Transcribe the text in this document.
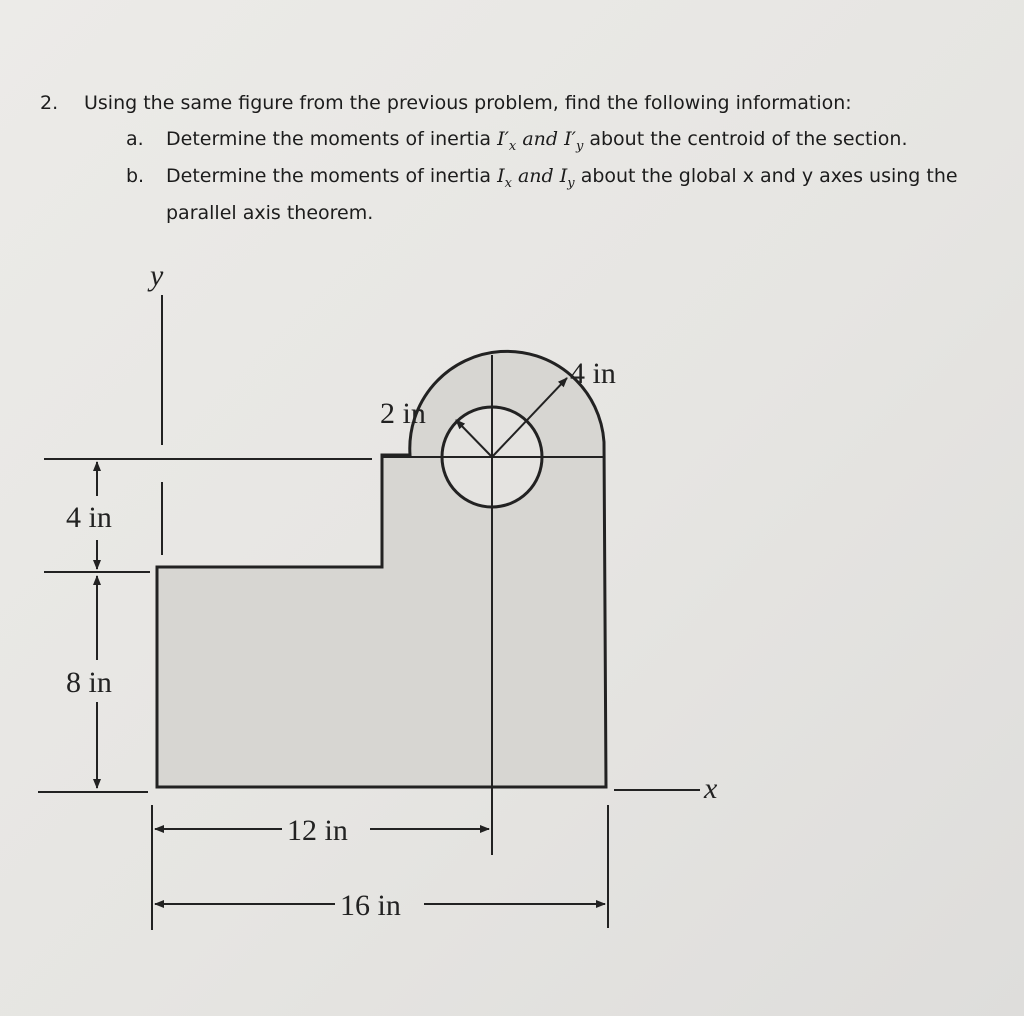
2. Using the same figure from the previous problem, find the following information:
a. Determine the moments of inertia $I'_x$ and $I'_y$ about the centroid of the section.
b. Determine the moments of inertia $I_x$ and $I_y$ about the global x and y axes using the
parallel axis theorem.
y
x
4 in
8 in
12 in
16 in
4 in
2 in
